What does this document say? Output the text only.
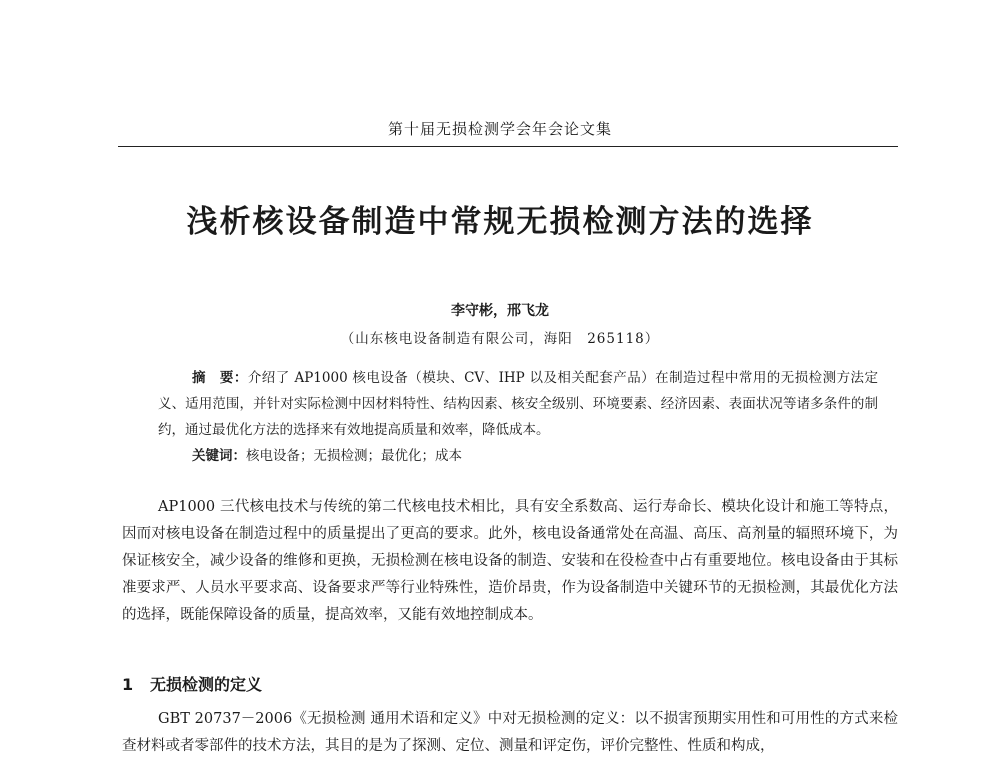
第十届无损检测学会年会论文集
浅析核设备制造中常规无损检测方法的选择
李守彬，邢飞龙
（山东核电设备制造有限公司，海阳　265118）
摘　要：介绍了 AP1000 核电设备（模块、CV、IHP 以及相关配套产品）在制造过程中常用的无损检测方法定义、适用范围，并针对实际检测中因材料特性、结构因素、核安全级别、环境要素、经济因素、表面状况等诸多条件的制约，通过最优化方法的选择来有效地提高质量和效率，降低成本。
关键词：核电设备；无损检测；最优化；成本
AP1000 三代核电技术与传统的第二代核电技术相比，具有安全系数高、运行寿命长、模块化设计和施工等特点，因而对核电设备在制造过程中的质量提出了更高的要求。此外，核电设备通常处在高温、高压、高剂量的辐照环境下，为保证核安全，减少设备的维修和更换，无损检测在核电设备的制造、安装和在役检查中占有重要地位。核电设备由于其标准要求严、人员水平要求高、设备要求严等行业特殊性，造价昂贵，作为设备制造中关键环节的无损检测，其最优化方法的选择，既能保障设备的质量，提高效率，又能有效地控制成本。
1 无损检测的定义
GBT 20737－2006《无损检测 通用术语和定义》中对无损检测的定义：以不损害预期实用性和可用性的方式来检查材料或者零部件的技术方法，其目的是为了探测、定位、测量和评定伤，评价完整性、性质和构成，
